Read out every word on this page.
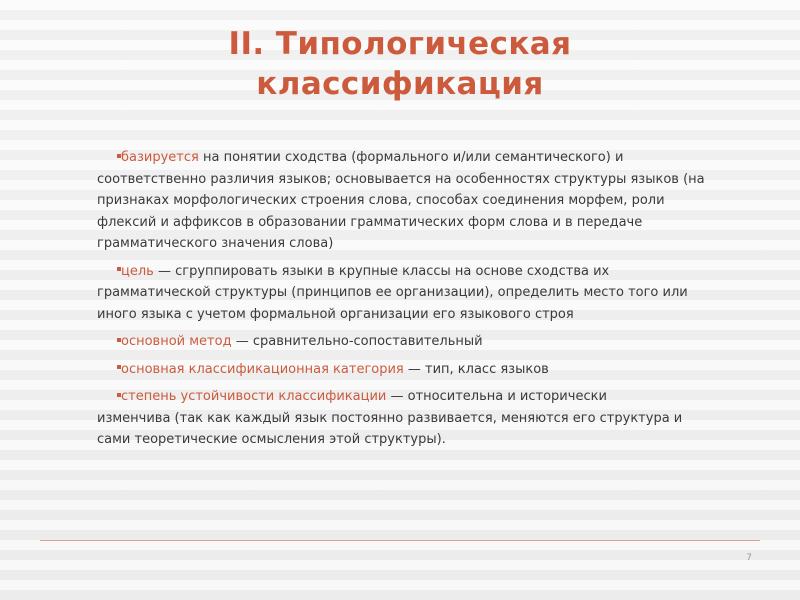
II. Типологическая
классификация
базируется на понятии сходства (формального и/или семантического) и
соответственно различия языков; основывается на особенностях структуры языков (на признаках морфологических строения слова, способах соединения морфем, роли флексий и аффиксов в образовании грамматических форм слова и в передаче грамматического значения слова)
цель — сгруппировать языки в крупные классы на основе сходства их
грамматической структуры (принципов ее организации), определить место того или иного языка с учетом формальной организации его языкового строя
основной метод — сравнительно-сопоставительный
основная классификационная категория — тип, класс языков
степень устойчивости классификации — относительна и исторически
изменчива (так как каждый язык постоянно развивается, меняются его структура и сами теоретические осмысления этой структуры).
7
